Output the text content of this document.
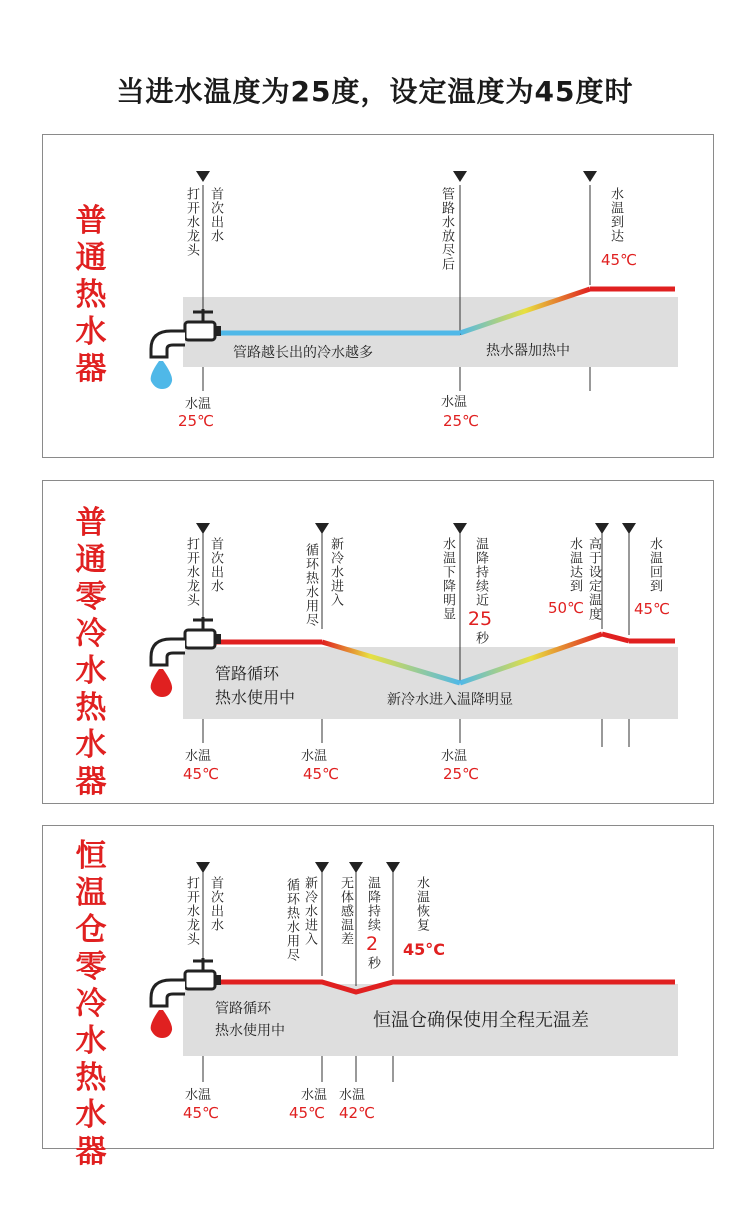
当进水温度为25度，设定温度为45度时
普通热水器
打开水龙头 首次出水	管路水放尽后	水温到达
45℃
管路越长出的冷水越多	热水器加热中
水温
25℃
水温
25℃
普通零冷水热水器
打开水龙头 首次出水	循环热水用尽 新冷水进入	水温下降明显 温降持续近
25
秒
水温达到 高于设定温度
50℃
水温回到
45℃
管路循环
热水使用中	新冷水进入温降明显
水温
45℃
水温
45℃
水温
25℃
恒温仓零冷水热水器
打开水龙头 首次出水	循环热水用尽 新冷水进入 无体感温差 温降持续
2
秒
水温恢复
45°C
管路循环
热水使用中	恒温仓确保使用全程无温差
水温
45℃
水温
45℃
水温
42℃
